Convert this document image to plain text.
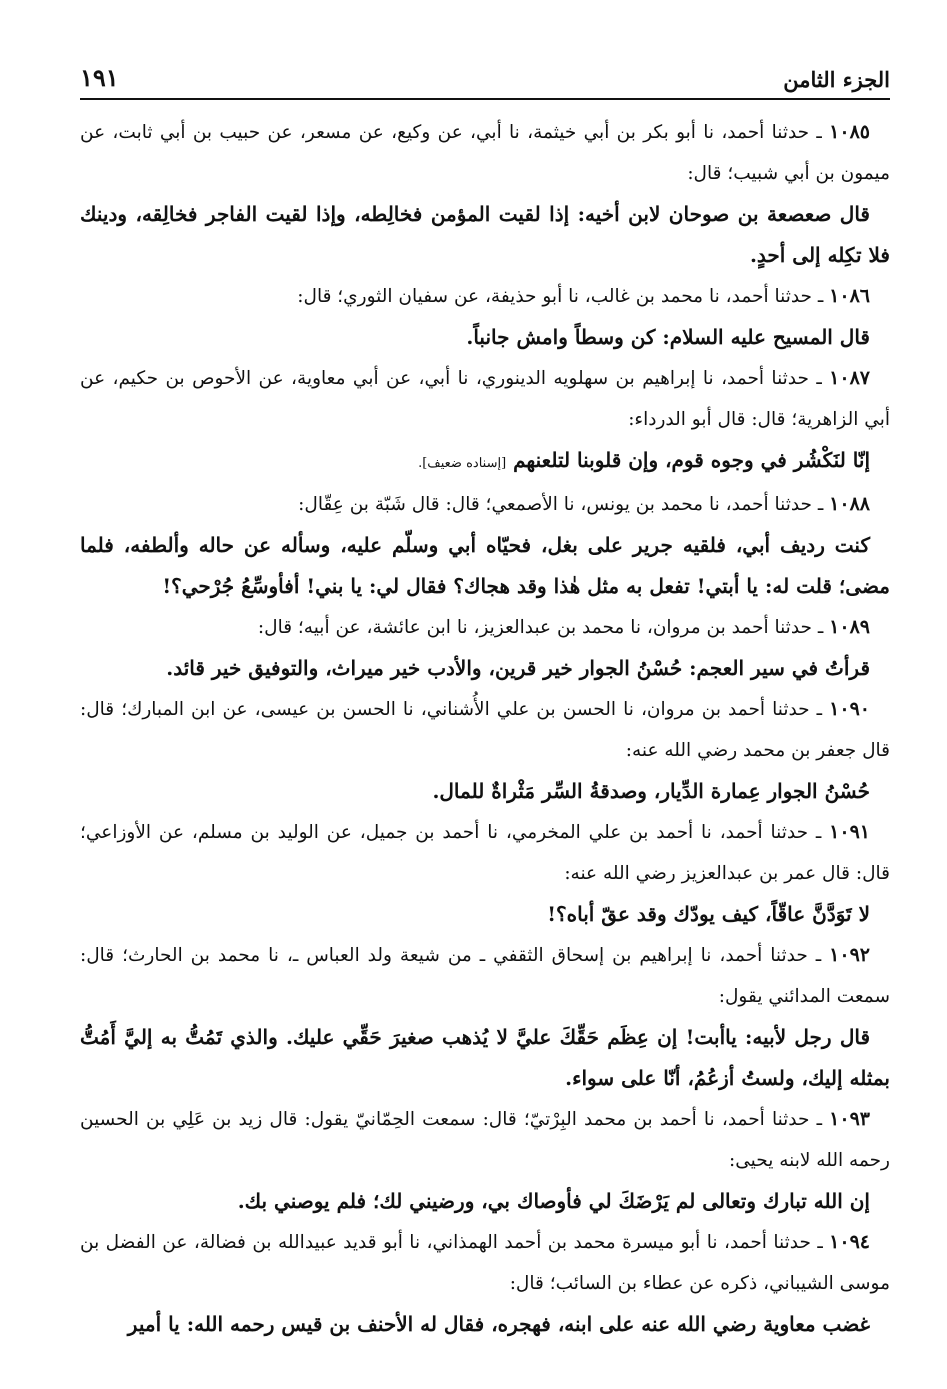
الجزء الثامن
١٩١

١٠٨٥ ـ حدثنا أحمد، نا أبو بكر بن أبي خيثمة، نا أبي، عن وكيع، عن مسعر، عن حبيب بن أبي ثابت، عن ميمون بن أبي شبيب؛ قال:

قال صعصعة بن صوحان لابن أخيه: إذا لقيت المؤمن فخالِطه، وإذا لقيت الفاجر فخالِقه، ودينك فلا تكِله إلى أحدٍ.

١٠٨٦ ـ حدثنا أحمد، نا محمد بن غالب، نا أبو حذيفة، عن سفيان الثوري؛ قال:

قال المسيح عليه السلام: كن وسطاً وامش جانباً.

١٠٨٧ ـ حدثنا أحمد، نا إبراهيم بن سهلويه الدينوري، نا أبي، عن أبي معاوية، عن الأحوص بن حكيم، عن أبي الزاهرية؛ قال: قال أبو الدرداء:

إنّا لنَكْشُر في وجوه قوم، وإن قلوبنا لتلعنهم [إسناده ضعيف].

١٠٨٨ ـ حدثنا أحمد، نا محمد بن يونس، نا الأصمعي؛ قال: قال شَبّة بن عِقّال:

كنت رديف أبي، فلقيه جرير على بغل، فحيّاه أبي وسلّم عليه، وسأله عن حاله وألطفه، فلما مضى؛ قلت له: يا أبتي! تفعل به مثل هٰذا وقد هجاك؟ فقال لي: يا بني! أفأوسِّعُ جُرْحي؟!

١٠٨٩ ـ حدثنا أحمد بن مروان، نا محمد بن عبدالعزيز، نا ابن عائشة، عن أبيه؛ قال:

قرأتُ في سير العجم: حُسْنُ الجوار خير قرين، والأدب خير ميراث، والتوفيق خير قائد.

١٠٩٠ ـ حدثنا أحمد بن مروان، نا الحسن بن علي الأُشناني، نا الحسن بن عيسى، عن ابن المبارك؛ قال: قال جعفر بن محمد رضي الله عنه:

حُسْنُ الجوار عِمارة الدِّيار، وصدقةُ السِّر مَثْراةٌ للمال.

١٠٩١ ـ حدثنا أحمد، نا أحمد بن علي المخرمي، نا أحمد بن جميل، عن الوليد بن مسلم، عن الأوزاعي؛ قال: قال عمر بن عبدالعزيز رضي الله عنه:

لا تَوَدَّنَّ عاقّاً، كيف يودّك وقد عقّ أباه؟!

١٠٩٢ ـ حدثنا أحمد، نا إبراهيم بن إسحاق الثقفي ـ من شيعة ولد العباس ـ، نا محمد بن الحارث؛ قال: سمعت المدائني يقول:

قال رجل لأبيه: ياأبت! إن عِظَم حَقِّكَ عليَّ لا يُذهب صغيرَ حَقِّي عليك. والذي تَمُتُّ به إليَّ أَمُتُّ بمثله إليك، ولستُ أزعُمُ، أنّا على سواء.

١٠٩٣ ـ حدثنا أحمد، نا أحمد بن محمد البِرْتيّ؛ قال: سمعت الحِمّانيّ يقول: قال زيد بن عَلِي بن الحسين رحمه الله لابنه يحيى:

إن الله تبارك وتعالى لم يَرْضَكَ لي فأوصاك بي، ورضيني لك؛ فلم يوصني بك.

١٠٩٤ ـ حدثنا أحمد، نا أبو ميسرة محمد بن أحمد الهمذاني، نا أبو قديد عبيدالله بن فضالة، عن الفضل بن موسى الشيباني، ذكره عن عطاء بن السائب؛ قال:

غضب معاوية رضي الله عنه على ابنه، فهجره، فقال له الأحنف بن قيس رحمه الله: يا أمير
